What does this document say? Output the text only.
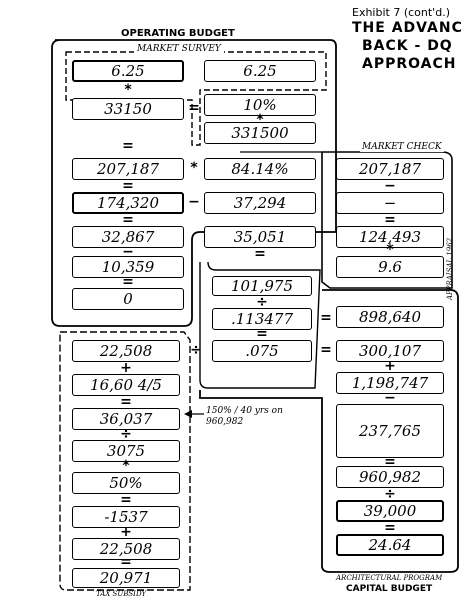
Exhibit 7 (cont'd.)
THE ADVANC
BACK - DQ
APPROACH
OPERATING BUDGET
MARKET SURVEY
MARKET CHECK
ARCHITECTURAL PROGRAM
CAPITAL BUDGET
TAX SUBSIDY
APPRAISAL 1962
150% / 40 yrs on
960,982
6.25
33150
207,187
174,320
32,867
10,359
0
6.25
10%
331500
84.14%
37,294
35,051
207,187
−
124,493
9.6
101,975
.113477
.075
898,640
300,107
1,198,747
237,765
960,982
39,000
24.64
22,508
16,60 4/5
36,037
3075
50%
-1537
22,508
20,971
*
=
*
=
*
−
=
=
−
=
=
−
=
*
÷
=
=
=
÷
+
−
=
÷
=
+
=
÷
*
=
+
=
